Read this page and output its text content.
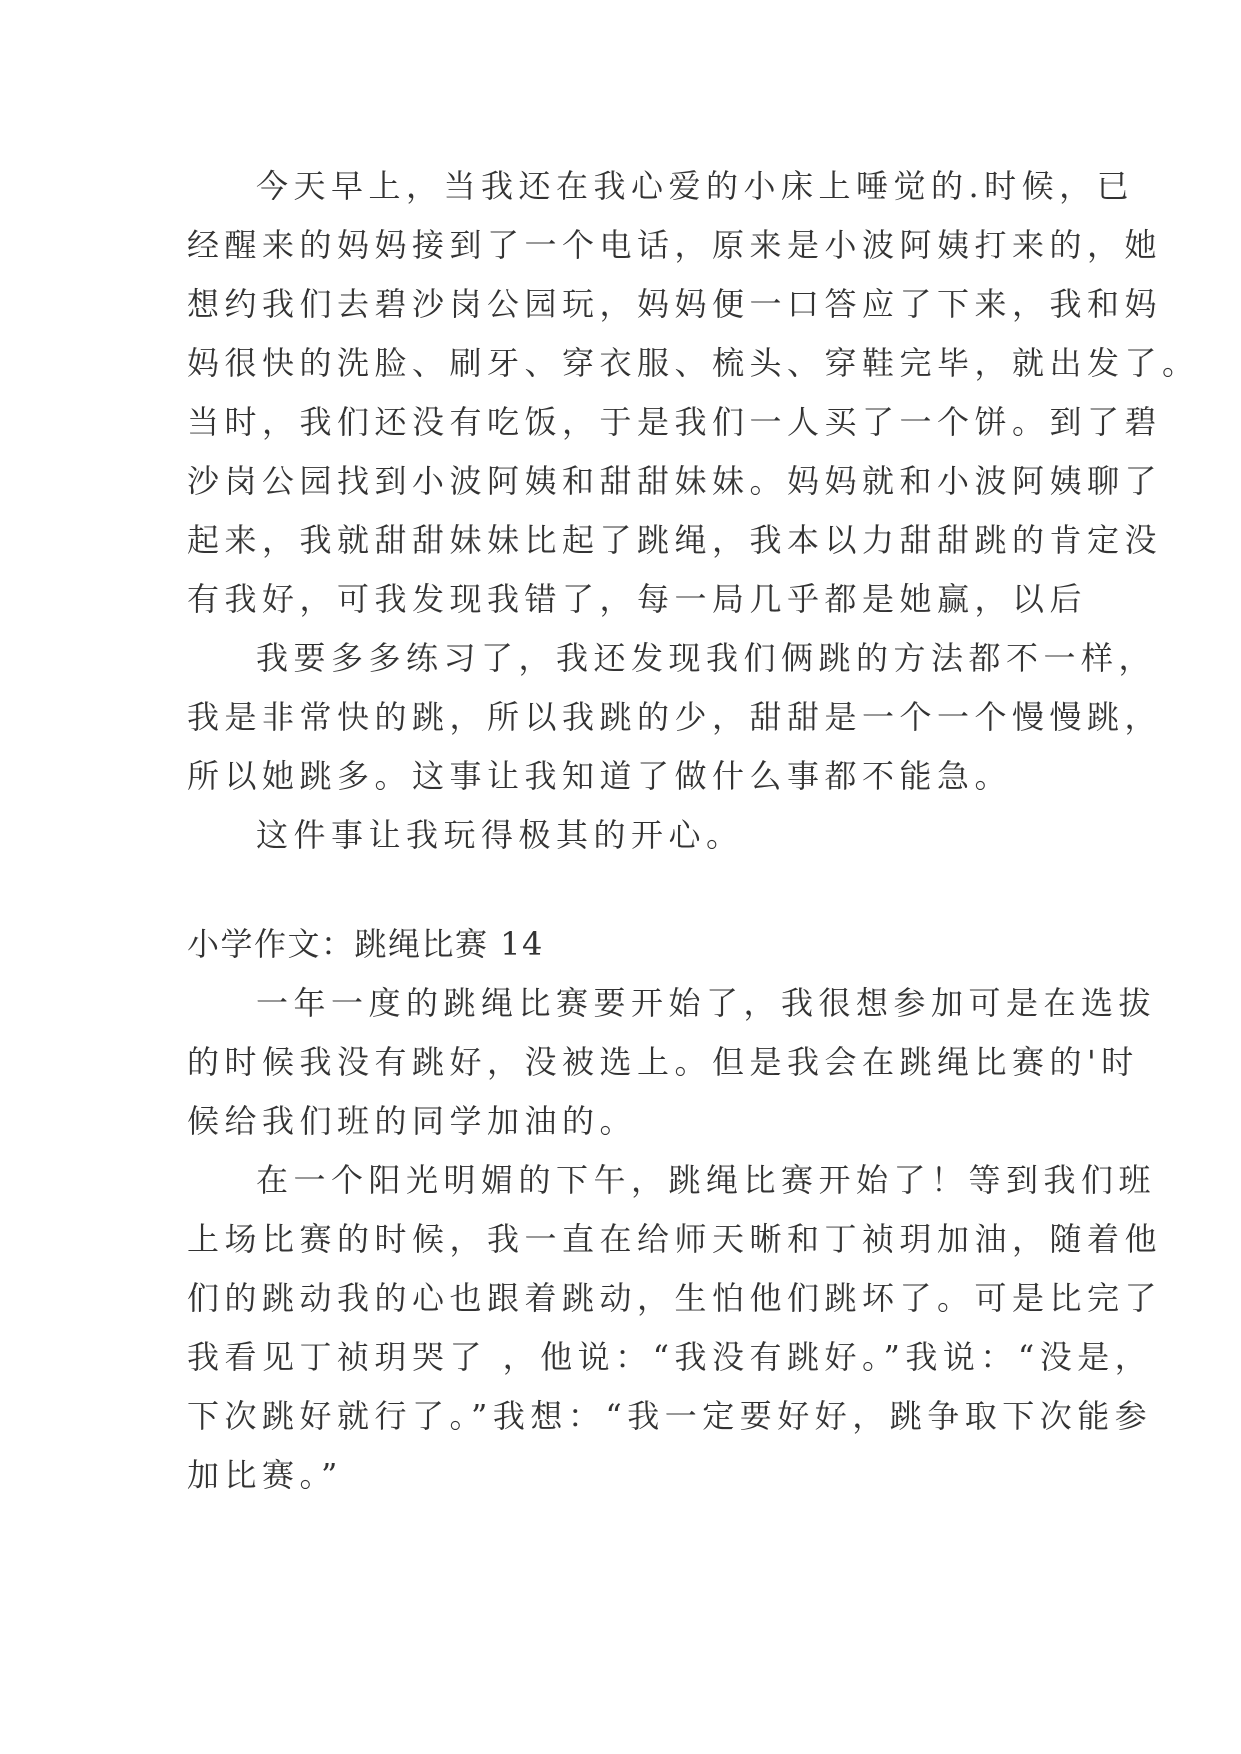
今天早上，当我还在我心爱的小床上唾觉的.时候，已

经醒来的妈妈接到了一个电话，原来是小波阿姨打来的，她

想约我们去碧沙岗公园玩，妈妈便一口答应了下来，我和妈

妈很快的洗脸、刷牙、穿衣服、梳头、穿鞋完毕，就出发了。

当时，我们还没有吃饭，于是我们一人买了一个饼。到了碧

沙岗公园找到小波阿姨和甜甜妹妹。妈妈就和小波阿姨聊了

起来，我就甜甜妹妹比起了跳绳，我本以力甜甜跳的肯定没

有我好，可我发现我错了，每一局几乎都是她赢，以后

我要多多练习了，我还发现我们俩跳的方法都不一样，

我是非常快的跳，所以我跳的少，甜甜是一个一个慢慢跳，

所以她跳多。这事让我知道了做什么事都不能急。

这件事让我玩得极其的开心。

小学作文：跳绳比赛 14

一年一度的跳绳比赛要开始了，我很想参加可是在选拔

的时候我没有跳好，没被选上。但是我会在跳绳比赛的'时

候给我们班的同学加油的。

在一个阳光明媚的下午，跳绳比赛开始了！等到我们班

上场比赛的时候，我一直在给师天晰和丁祯玥加油，随着他

们的跳动我的心也跟着跳动，生怕他们跳坏了。可是比完了

我看见丁祯玥哭了 ，他说：“我没有跳好。”我说：“没是，

下次跳好就行了。”我想：“我一定要好好，跳争取下次能参

加比赛。”
